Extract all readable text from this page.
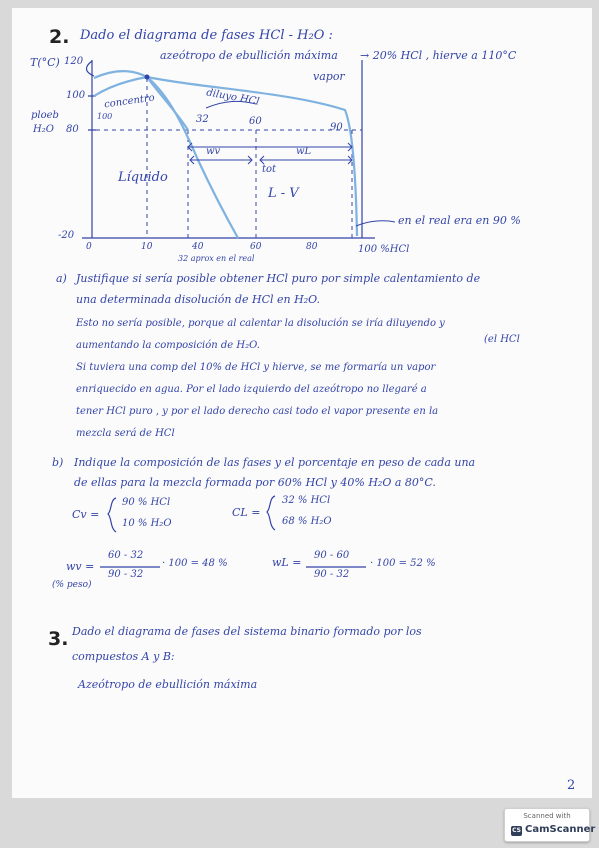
2. Dado el diagrama de fases HCl - H₂O :
azeótropo de ebullición máxima → 20% HCl , hierve a 110°C
T(°C) 120
100
80
-20
ploeb
H₂O
100
concentro	diluyo HCl
vapor
32	60
90
wv	wL
tot
Líquido
L - V
en el real era en 90 %
0	10	40	60	80	100 %HCl
32 aprox en el real
a) Justifique si sería posible obtener HCl puro por simple calentamiento de
una determinada disolución de HCl en H₂O.
Esto no sería posible, porque al calentar la disolución se iría diluyendo y
(el HCl
aumentando la composición de H₂O.
Si tuviera una comp del 10% de HCl y hierve, se me formaría un vapor
enriquecido en agua. Por el lado izquierdo del azeótropo no llegaré a
tener HCl puro , y por el lado derecho casi todo el vapor presente en la
mezcla será de HCl
b) Indique la composición de las fases y el porcentaje en peso de cada una
de ellas para la mezcla formada por 60% HCl y 40% H₂O a 80°C.
Cv =
90 % HCl
10 % H₂O
CL =
32 % HCl
68 % H₂O
wv =
60 - 32
90 - 32
· 100 = 48 %
(% peso)
wL =
90 - 60
90 - 32
· 100 = 52 %
3. Dado el diagrama de fases del sistema binario formado por los
compuestos A y B:
Azeótropo de ebullición máxima
2
Scanned with
CS CamScanner
